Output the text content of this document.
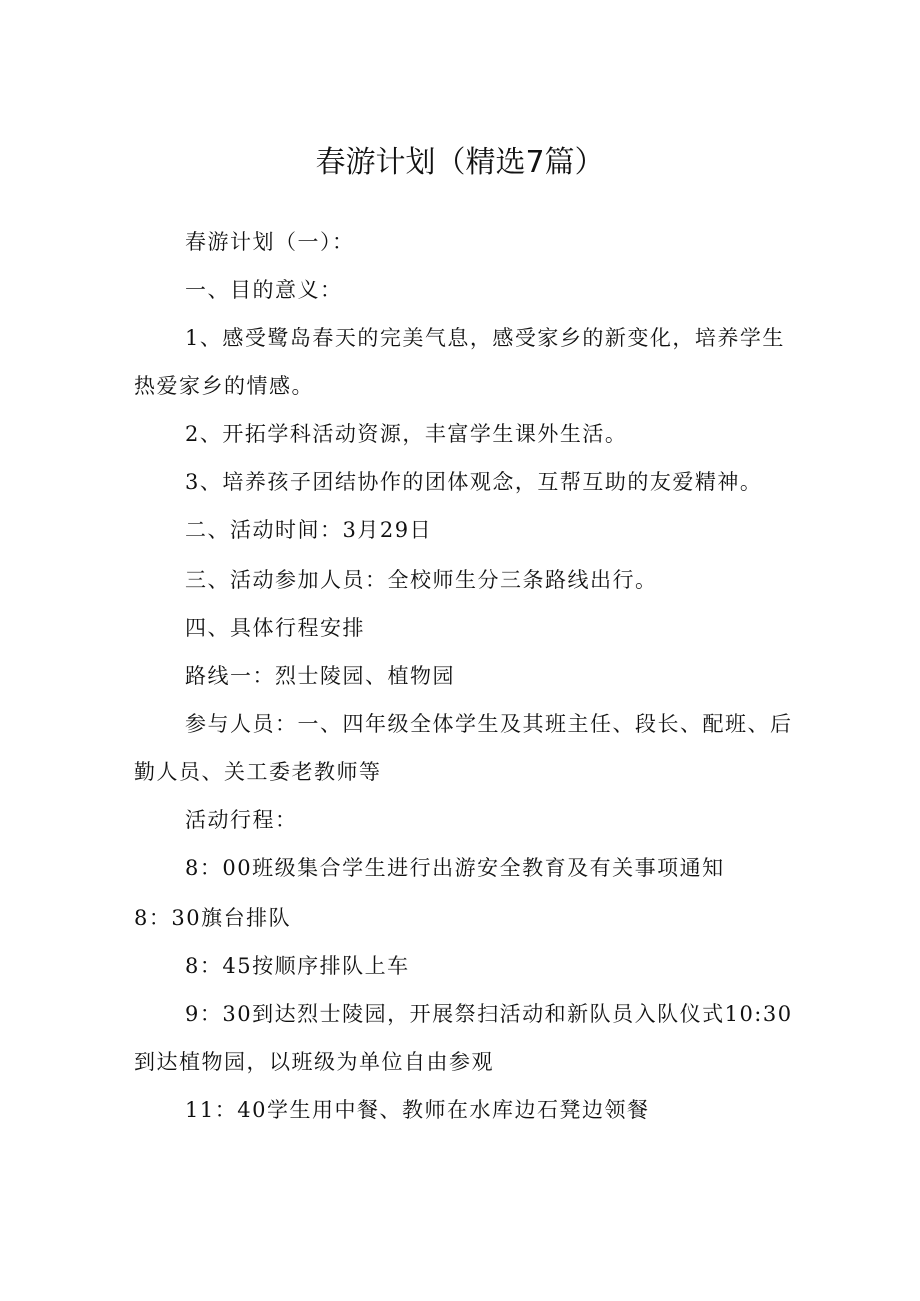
春游计划（精选7篇）

春游计划（一）：

一、目的意义：

1、感受鹭岛春天的完美气息，感受家乡的新变化，培养学生热爱家乡的情感。

2、开拓学科活动资源，丰富学生课外生活。

3、培养孩子团结协作的团体观念，互帮互助的友爱精神。

二、活动时间：3月29日

三、活动参加人员：全校师生分三条路线出行。

四、具体行程安排

路线一：烈士陵园、植物园

参与人员：一、四年级全体学生及其班主任、段长、配班、后勤人员、关工委老教师等

活动行程：

8：00班级集合学生进行出游安全教育及有关事项通知

8：30旗台排队

8：45按顺序排队上车

9：30到达烈士陵园，开展祭扫活动和新队员入队仪式10:30到达植物园，以班级为单位自由参观

11：40学生用中餐、教师在水库边石凳边领餐
